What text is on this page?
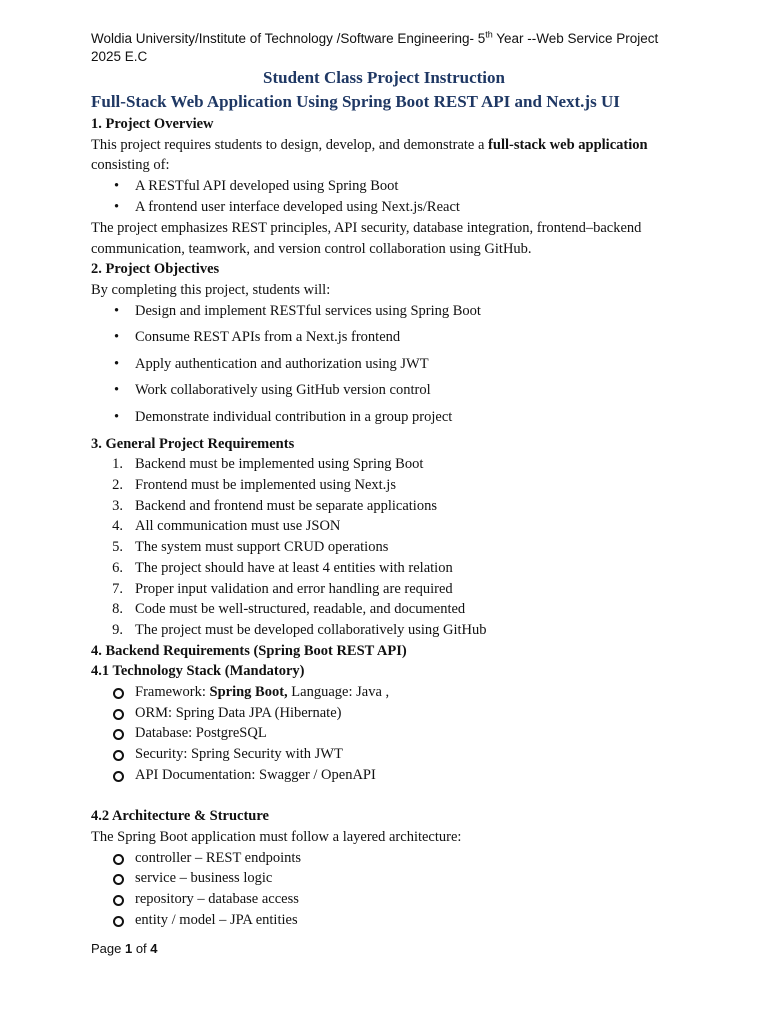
Woldia University/Institute of Technology /Software Engineering- 5th Year --Web Service Project
2025 E.C
Student Class Project Instruction
Full-Stack Web Application Using Spring Boot REST API and Next.js UI
1. Project Overview
This project requires students to design, develop, and demonstrate a full-stack web application
consisting of:
• A RESTful API developed using Spring Boot
• A frontend user interface developed using Next.js/React
The project emphasizes REST principles, API security, database integration, frontend–backend
communication, teamwork, and version control collaboration using GitHub.
2. Project Objectives
By completing this project, students will:
• Design and implement RESTful services using Spring Boot
• Consume REST APIs from a Next.js frontend
• Apply authentication and authorization using JWT
• Work collaboratively using GitHub version control
• Demonstrate individual contribution in a group project
3. General Project Requirements
1. Backend must be implemented using Spring Boot
2. Frontend must be implemented using Next.js
3. Backend and frontend must be separate applications
4. All communication must use JSON
5. The system must support CRUD operations
6. The project should have at least 4 entities with relation
7. Proper input validation and error handling are required
8. Code must be well-structured, readable, and documented
9. The project must be developed collaboratively using GitHub
4. Backend Requirements (Spring Boot REST API)
4.1 Technology Stack (Mandatory)
Framework: Spring Boot, Language: Java ,
ORM: Spring Data JPA (Hibernate)
Database: PostgreSQL
Security: Spring Security with JWT
API Documentation: Swagger / OpenAPI
4.2 Architecture & Structure
The Spring Boot application must follow a layered architecture:
controller – REST endpoints
service – business logic
repository – database access
entity / model – JPA entities
Page 1 of 4
